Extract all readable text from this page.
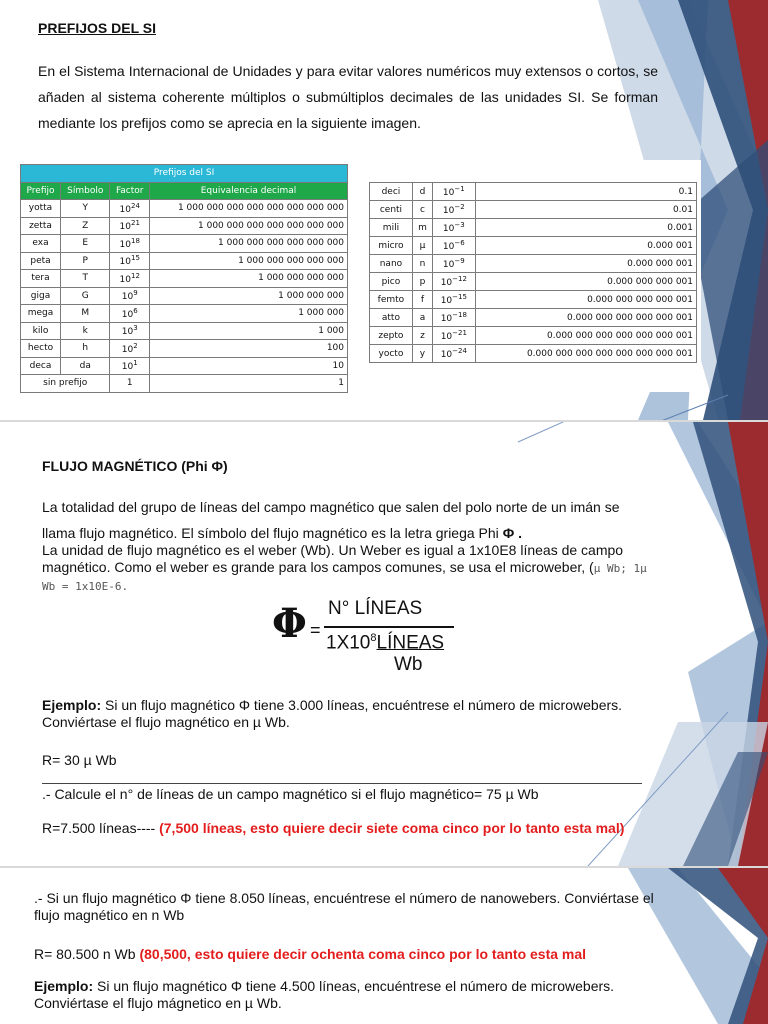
PREFIJOS DEL SI

En el Sistema Internacional de Unidades y para evitar valores numéricos muy extensos o cortos, se añaden al sistema coherente múltiplos o submúltiplos decimales de las unidades SI. Se forman mediante los prefijos como se aprecia en la siguiente imagen.

Prefijos del SI			
Prefijo	Símbolo	Factor	Equivalencia decimal
yotta	Y	$10^{24}$	1 000 000 000 000 000 000 000 000
zetta	Z	$10^{21}$	1 000 000 000 000 000 000 000
exa	E	$10^{18}$	1 000 000 000 000 000 000
peta	P	$10^{15}$	1 000 000 000 000 000
tera	T	$10^{12}$	1 000 000 000 000
giga	G	$10^9$	1 000 000 000
mega	M	$10^6$	1 000 000
kilo	k	$10^3$	1 000
hecto	h	$10^2$	100
deca	da	$10^1$	10
sin prefijo		1	1
deci	d	$10^{-1}$	0.1
centi	c	$10^{-2}$	0.01
mili	m	$10^{-3}$	0.001
micro	µ	$10^{-6}$	0.000 001
nano	n	$10^{-9}$	0.000 000 001
pico	p	$10^{-12}$	0.000 000 000 001
femto	f	$10^{-15}$	0.000 000 000 000 001
atto	a	$10^{-18}$	0.000 000 000 000 000 001
zepto	z	$10^{-21}$	0.000 000 000 000 000 000 001
yocto	y	$10^{-24}$	0.000 000 000 000 000 000 000 001

FLUJO MAGNÉTICO (Phi Φ)

La totalidad del grupo de líneas del campo magnético que salen del polo norte de un imán se llama flujo magnético. El símbolo del flujo magnético es la letra griega Phi Φ .

La unidad de flujo magnético es el weber (Wb). Un Weber es igual a 1x10E8 líneas de campo magnético. Como el weber es grande para los campos comunes, se usa el microweber, (µ Wb; 1µ Wb = 1x10E-6.

Φ =
N° LÍNEAS
$1X10^8LÍNEAS$
Wb

Ejemplo: Si un flujo magnético Φ tiene 3.000 líneas, encuéntrese el número de microwebers. Conviértase el flujo magnético en µ Wb.

R= 30 µ Wb

.- Calcule el n° de líneas de un campo magnético si el flujo magnético= 75 µ Wb

R=7.500 líneas---- (7,500 líneas, esto quiere decir siete coma cinco por lo tanto esta mal)

.- Si un flujo magnético Φ tiene 8.050 líneas, encuéntrese el número de nanowebers. Conviértase el flujo magnético en n Wb

R= 80.500 n Wb (80,500, esto quiere decir ochenta coma cinco por lo tanto esta mal

Ejemplo: Si un flujo magnético Φ tiene 4.500 líneas, encuéntrese el número de microwebers. Conviértase el flujo mágnetico en µ Wb.
